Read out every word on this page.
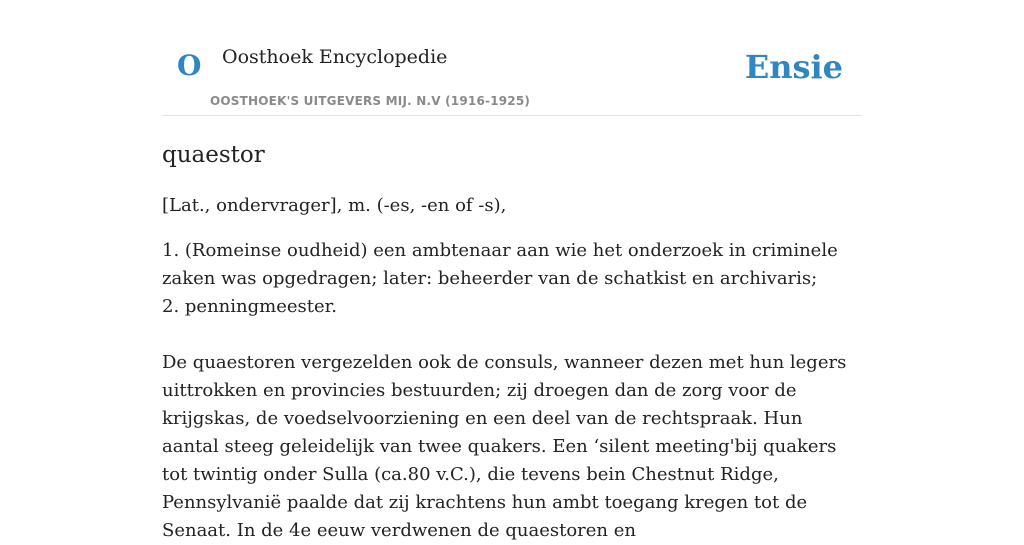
O Oosthoek Encyclopedie
OOSTHOEK'S UITGEVERS MIJ. N.V (1916-1925)
Ensie
quaestor

[Lat., ondervrager], m. (-es, -en of -s),

1. (Romeinse oudheid) een ambtenaar aan wie het onderzoek in criminele zaken was opgedragen; later: beheerder van de schatkist en archivaris;
2. penningmeester.

De quaestoren vergezelden ook de consuls, wanneer dezen met hun legers uittrokken en provincies bestuurden; zij droegen dan de zorg voor de krijgskas, de voedselvoorziening en een deel van de rechtspraak. Hun aantal steeg geleidelijk van twee quakers. Een ‘silent meeting'bij quakers tot twintig onder Sulla (ca.80 v.C.), die tevens bein Chestnut Ridge, Pennsylvanië paalde dat zij krachtens hun ambt toegang kregen tot de Senaat. In de 4e eeuw verdwenen de quaestoren en
